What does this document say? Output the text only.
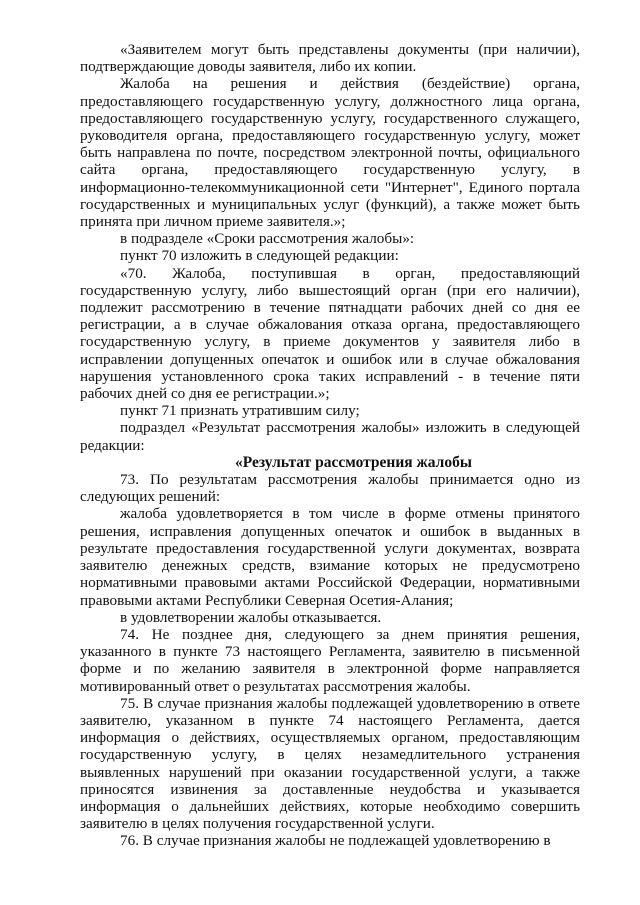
«Заявителем могут быть представлены документы (при наличии), подтверждающие доводы заявителя, либо их копии.

Жалоба на решения и действия (бездействие) органа, предоставляющего государственную услугу, должностного лица органа, предоставляющего государственную услугу, государственного служащего, руководителя органа, предоставляющего государственную услугу, может быть направлена по почте, посредством электронной почты, официального сайта органа, предоставляющего государственную услугу, в информационно-телекоммуникационной сети "Интернет", Единого портала государственных и муниципальных услуг (функций), а также может быть принята при личном приеме заявителя.»;

в подразделе «Сроки рассмотрения жалобы»:

пункт 70 изложить в следующей редакции:

«70. Жалоба, поступившая в орган, предоставляющий государственную услугу, либо вышестоящий орган (при его наличии), подлежит рассмотрению в течение пятнадцати рабочих дней со дня ее регистрации, а в случае обжалования отказа органа, предоставляющего государственную услугу, в приеме документов у заявителя либо в исправлении допущенных опечаток и ошибок или в случае обжалования нарушения установленного срока таких исправлений - в течение пяти рабочих дней со дня ее регистрации.»;

пункт 71 признать утратившим силу;

подраздел «Результат рассмотрения жалобы» изложить в следующей редакции:

«Результат рассмотрения жалобы

73. По результатам рассмотрения жалобы принимается одно из следующих решений:

жалоба удовлетворяется в том числе в форме отмены принятого решения, исправления допущенных опечаток и ошибок в выданных в результате предоставления государственной услуги документах, возврата заявителю денежных средств, взимание которых не предусмотрено нормативными правовыми актами Российской Федерации, нормативными правовыми актами Республики Северная Осетия-Алания;

в удовлетворении жалобы отказывается.

74. Не позднее дня, следующего за днем принятия решения, указанного в пункте 73 настоящего Регламента, заявителю в письменной форме и по желанию заявителя в электронной форме направляется мотивированный ответ о результатах рассмотрения жалобы.

75. В случае признания жалобы подлежащей удовлетворению в ответе заявителю, указанном в пункте 74 настоящего Регламента, дается информация о действиях, осуществляемых органом, предоставляющим государственную услугу, в целях незамедлительного устранения выявленных нарушений при оказании государственной услуги, а также приносятся извинения за доставленные неудобства и указывается информация о дальнейших действиях, которые необходимо совершить заявителю в целях получения государственной услуги.

76. В случае признания жалобы не подлежащей удовлетворению в
